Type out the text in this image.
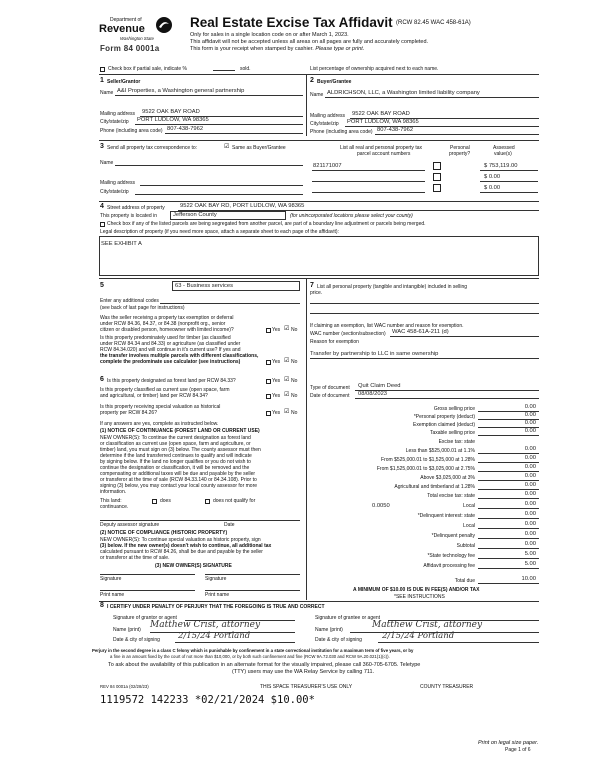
Department of
Revenue
Washington State
Form 84 0001a
Real Estate Excise Tax Affidavit (RCW 82.45 WAC 458-61A)
Only for sales in a single location code on or after March 1, 2023.
This affidavit will not be accepted unless all areas on all pages are fully and accurately completed.
This form is your receipt when stamped by cashier. Please type or print.
Check box if partial sale, indicate %	sold.	List percentage of ownership acquired next to each name.
1 Seller/Grantor
Name A&I Properties, a Washington general partnership
Mailing address 9522 OAK BAY ROAD
City/state/zip PORT LUDLOW, WA 98365
Phone (including area code) 807-438-7962
2 Buyer/Grantee
Name ALDRICHSON, LLC, a Washington limited liability company
Mailing address 9522 OAK BAY ROAD
City/state/zip PORT LUDLOW, WA 98365
Phone (including area code) 807-438-7962
3 Send all property tax correspondence to:	☑ Same as Buyer/Grantee
Name
Mailing address
City/state/zip
List all real and personal property tax
parcel account numbers
Personal
property?
Assessed
value(s)
821171007	$ 753,119.00
$ 0.00
$ 0.00
4 Street address of property	9522 OAK BAY RD, PORT LUDLOW, WA 98365
This property is located in	Jefferson County	(for unincorporated locations please select your county)
Check box if any of the listed parcels are being segregated from another parcel, are part of a boundary line adjustment or parcels being merged.
Legal description of property (if you need more space, attach a separate sheet to each page of the affidavit):
SEE EXHIBIT A
5	63 - Business services
Enter any additional codes
(see back of last page for instructions)
Was the seller receiving a property tax exemption or deferral
under RCW 84.36, 84.37, or 84.38 (nonprofit org., senior
citizen or disabled person, homeowner with limited income)?	Yes ☑ No
Is this property predominately used for timber (as classified
under RCW 84.34 and 84.33) or agriculture (as classified under
RCW 84.34.020) and will continue in it's current use? If yes and
the transfer involves multiple parcels with different classifications,
complete the predominate use calculator (see instructions)	Yes ☑ No
6 Is this property designated as forest land per RCW 84.33?	Yes ☑ No
Is this property classified as current use (open space, farm
and agricultural, or timber) land per RCW 84.34?	Yes ☑ No
Is this property receiving special valuation as historical
property per RCW 84.26?	Yes ☑ No
If any answers are yes, complete as instructed below.
(1) NOTICE OF CONTINUANCE (FOREST LAND OR CURRENT USE)
NEW OWNER(S): To continue the current designation as forest land
or classification as current use (open space, farm and agriculture, or
timber) land, you must sign on (3) below. The county assessor must then
determine if the land transferred continues to qualify and will indicate
by signing below. If the land no longer qualifies or you do not wish to
continue the designation or classification, it will be removed and the
compensating or additional taxes will be due and payable by the seller
or transferor at the time of sale (RCW 84.33.140 or 84.34.108). Prior to
signing (3) below, you may contact your local county assessor for more
information.
This land:	does	does not qualify for
continuance.
Deputy assessor signature	Date
(2) NOTICE OF COMPLIANCE (HISTORIC PROPERTY)
NEW OWNER(S): To continue special valuation as historic property, sign
(3) below. If the new owner(s) doesn't wish to continue, all additional tax
calculated pursuant to RCW 84.26, shall be due and payable by the seller
or transferor at the time of sale.
(3) NEW OWNER(S) SIGNATURE
Signature	Signature
Print name	Print name
7 List all personal property (tangible and intangible) included in selling
price.
If claiming an exemption, list WAC number and reason for exemption.
WAC number (section/subsection) WAC 458-61A-211 (d)
Reason for exemption
Transfer by partnership to LLC in same ownership
Type of document Quit Claim Deed
Date of document 08/08/2023
Gross selling price	0.00
*Personal property (deduct)	0.00
Exemption claimed (deduct)	0.00
Taxable selling price	0.00
Excise tax: state
Less than $525,000.01 at 1.1%	0.00
From $525,000.01 to $1,525,000 at 1.28%	0.00
From $1,525,000.01 to $3,025,000 at 2.75%	0.00
Above $3,025,000 at 3%	0.00
Agricultural and timberland at 1.28%	0.00
Total excise tax: state	0.00
0.0050	Local	0.00
*Delinquent interest: state	0.00
Local	0.00
*Delinquent penalty	0.00
Subtotal	0.00
*State technology fee	5.00
Affidavit processing fee	5.00
Total due	10.00
A MINIMUM OF $10.00 IS DUE IN FEE(S) AND/OR TAX
*SEE INSTRUCTIONS
8 I CERTIFY UNDER PENALTY OF PERJURY THAT THE FOREGOING IS TRUE AND CORRECT
Signature of grantor or agent
Name (print) Matthew Crist, attorney
Date & city of signing 2/15/24 Portland
Signature of grantee or agent
Name (print)	Matthew Crist, attorney
Date & city of signing 2/15/24 Portland
Perjury in the second degree is a class C felony which is punishable by confinement in a state correctional institution for a maximum term of five years, or by
a fine in an amount fixed by the court of not more than $10,000, or by both such confinement and fine (RCW 9A.72.030 and RCW 9A.20.021(1)(c)).
To ask about the availability of this publication in an alternate format for the visually impaired, please call 360-705-6705. Teletype
(TTY) users may use the WA Relay Service by calling 711.
REV 84 0001a (02/28/23)	THIS SPACE TREASURER'S USE ONLY	COUNTY TREASURER
1119572 142233 *02/21/2024 $10.00*
Print on legal size paper.
Page 1 of 6
